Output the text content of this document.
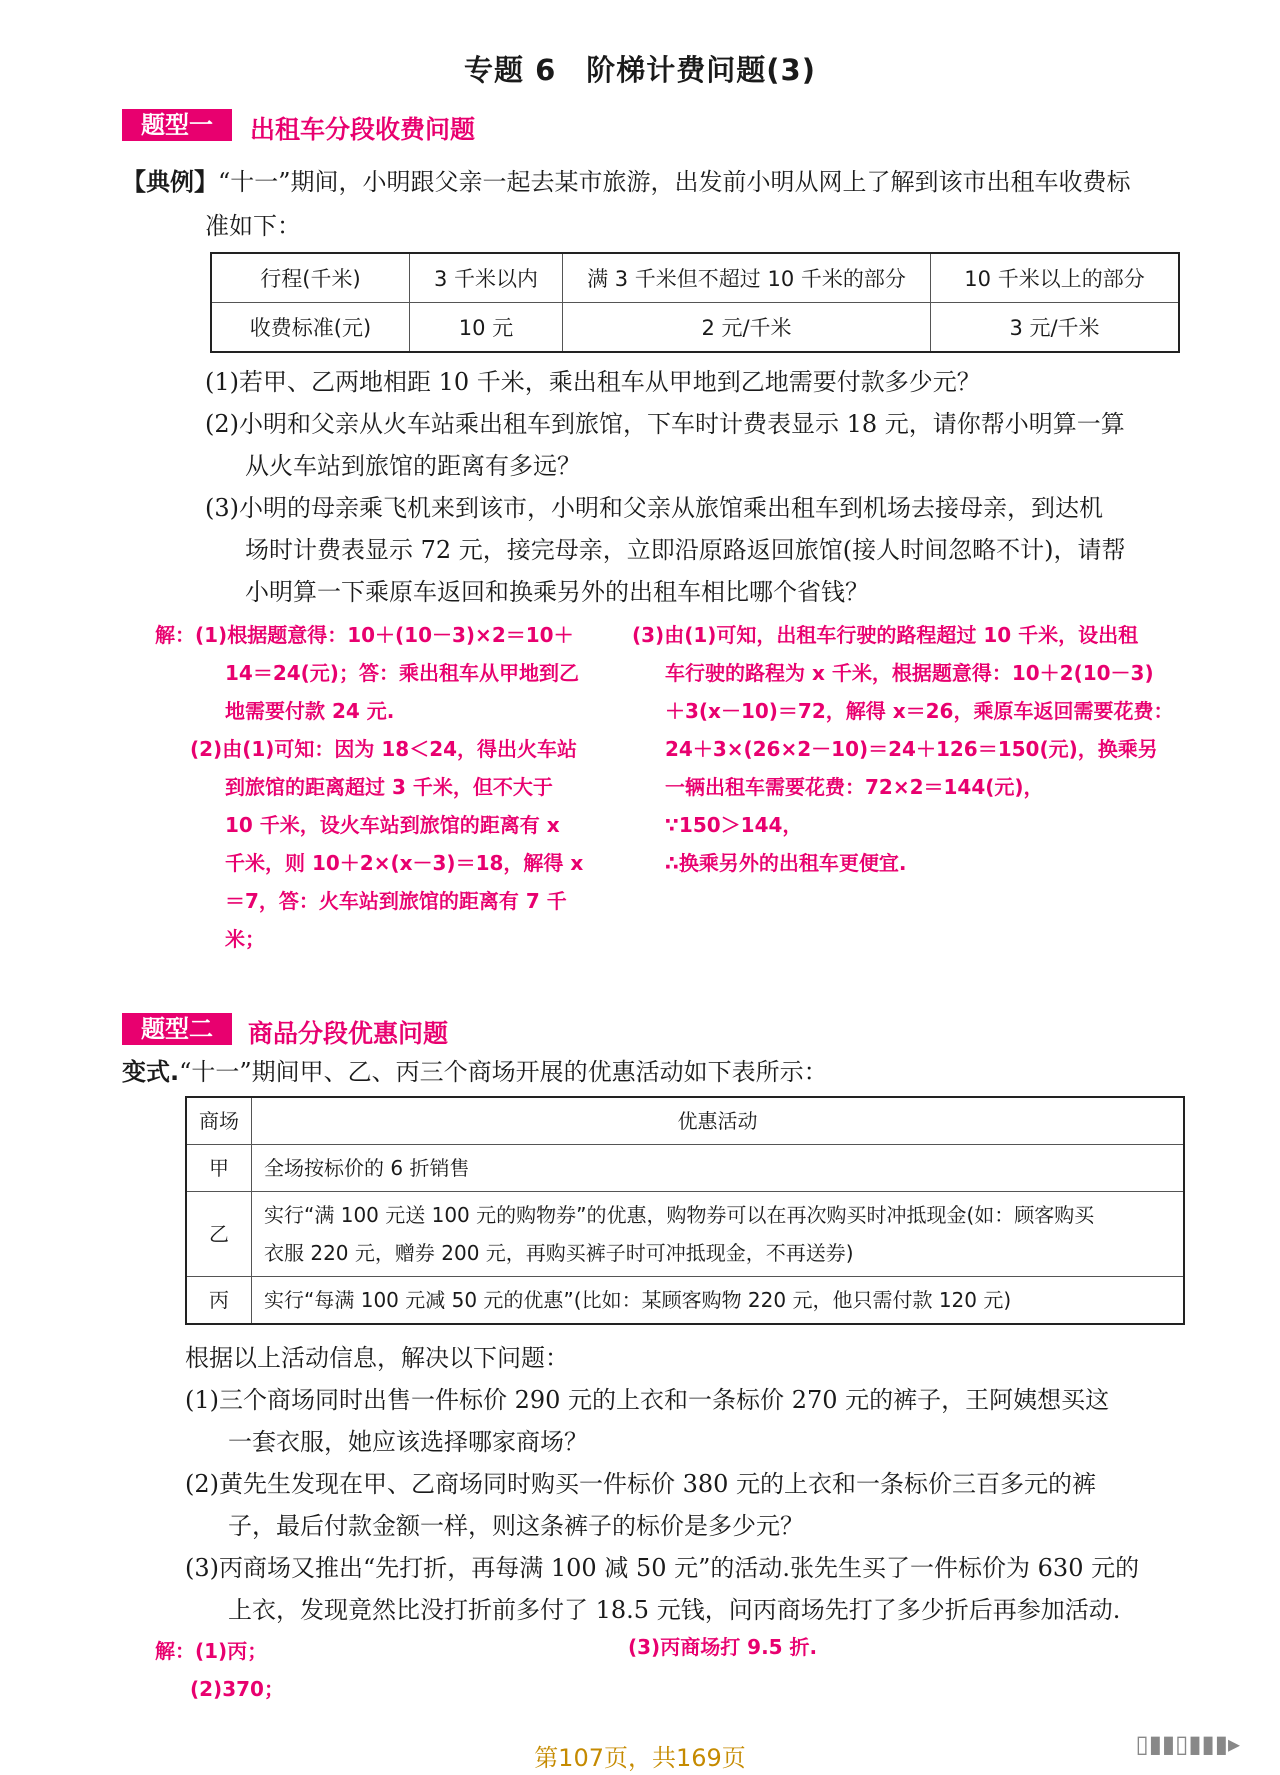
专题 6　阶梯计费问题(3)
题型一	出租车分段收费问题
【典例】“十一”期间，小明跟父亲一起去某市旅游，出发前小明从网上了解到该市出租车收费标
准如下：
行程(千米)	3 千米以内	满 3 千米但不超过 10 千米的部分	10 千米以上的部分
收费标准(元)	10 元	2 元/千米	3 元/千米
(1)若甲、乙两地相距 10 千米，乘出租车从甲地到乙地需要付款多少元？
(2)小明和父亲从火车站乘出租车到旅馆，下车时计费表显示 18 元，请你帮小明算一算
从火车站到旅馆的距离有多远？
(3)小明的母亲乘飞机来到该市，小明和父亲从旅馆乘出租车到机场去接母亲，到达机
场时计费表显示 72 元，接完母亲，立即沿原路返回旅馆(接人时间忽略不计)，请帮
小明算一下乘原车返回和换乘另外的出租车相比哪个省钱？
解：(1)根据题意得：10＋(10－3)×2＝10＋
14＝24(元)；答：乘出租车从甲地到乙
地需要付款 24 元.
(2)由(1)可知：因为 18＜24，得出火车站
到旅馆的距离超过 3 千米，但不大于
10 千米，设火车站到旅馆的距离有 x
千米，则 10＋2×(x－3)＝18，解得 x
＝7，答：火车站到旅馆的距离有 7 千
米；
(3)由(1)可知，出租车行驶的路程超过 10 千米，设出租
车行驶的路程为 x 千米，根据题意得：10＋2(10－3)
＋3(x－10)＝72，解得 x＝26，乘原车返回需要花费：
24＋3×(26×2－10)＝24＋126＝150(元)，换乘另
一辆出租车需要花费：72×2＝144(元)，
∵150＞144，
∴换乘另外的出租车更便宜.
题型二	商品分段优惠问题
变式.“十一”期间甲、乙、丙三个商场开展的优惠活动如下表所示：
商场	优惠活动
甲	全场按标价的 6 折销售

乙	实行“满 100 元送 100 元的购物券”的优惠，购物券可以在再次购买时冲抵现金(如：顾客购买
衣服 220 元，赠券 200 元，再购买裤子时可冲抵现金，不再送券)

丙	实行“每满 100 元减 50 元的优惠”(比如：某顾客购物 220 元，他只需付款 120 元)
根据以上活动信息，解决以下问题：
(1)三个商场同时出售一件标价 290 元的上衣和一条标价 270 元的裤子，王阿姨想买这
一套衣服，她应该选择哪家商场？
(2)黄先生发现在甲、乙商场同时购买一件标价 380 元的上衣和一条标价三百多元的裤
子，最后付款金额一样，则这条裤子的标价是多少元？
(3)丙商场又推出“先打折，再每满 100 减 50 元”的活动.张先生买了一件标价为 630 元的
上衣，发现竟然比没打折前多付了 18.5 元钱，问丙商场先打了多少折后再参加活动.
解：(1)丙；
(2)370；
(3)丙商场打 9.5 折.
第107页，共169页	▯▮▮▯▮▮▮▸
